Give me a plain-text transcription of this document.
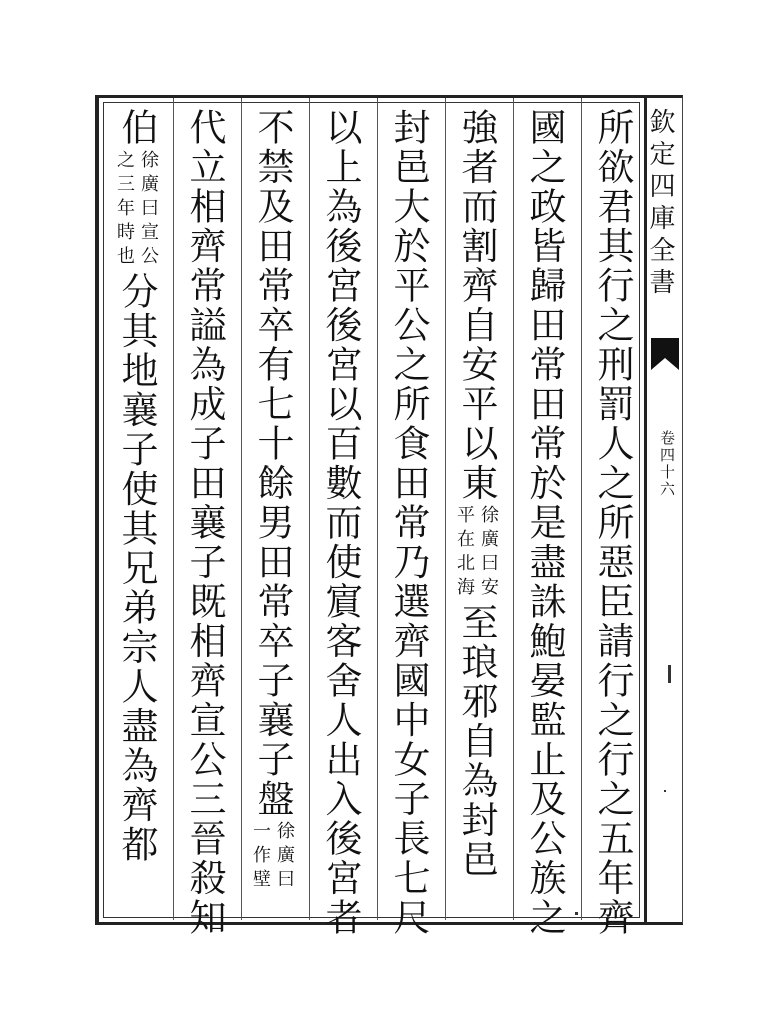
欽定四庫全書
卷四十六
所欲君其行之刑罰人之所惡臣請行之行之五年齊
國之政皆歸田常田常於是盡誅鮑晏監止及公族之
強者而割齊自安平以東
徐廣曰安
平在北海
至琅邪自為封邑
封邑大於平公之所食田常乃選齊國中女子長七尺
以上為後宮後宮以百數而使賔客舍人出入後宮者
不禁及田常卒有七十餘男田常卒子襄子盤
徐廣曰
一作壁
代立相齊常謚為成子田襄子既相齊宣公三晉殺知
伯
徐廣曰宣公
之三年時也
分其地襄子使其兄弟宗人盡為齊都
